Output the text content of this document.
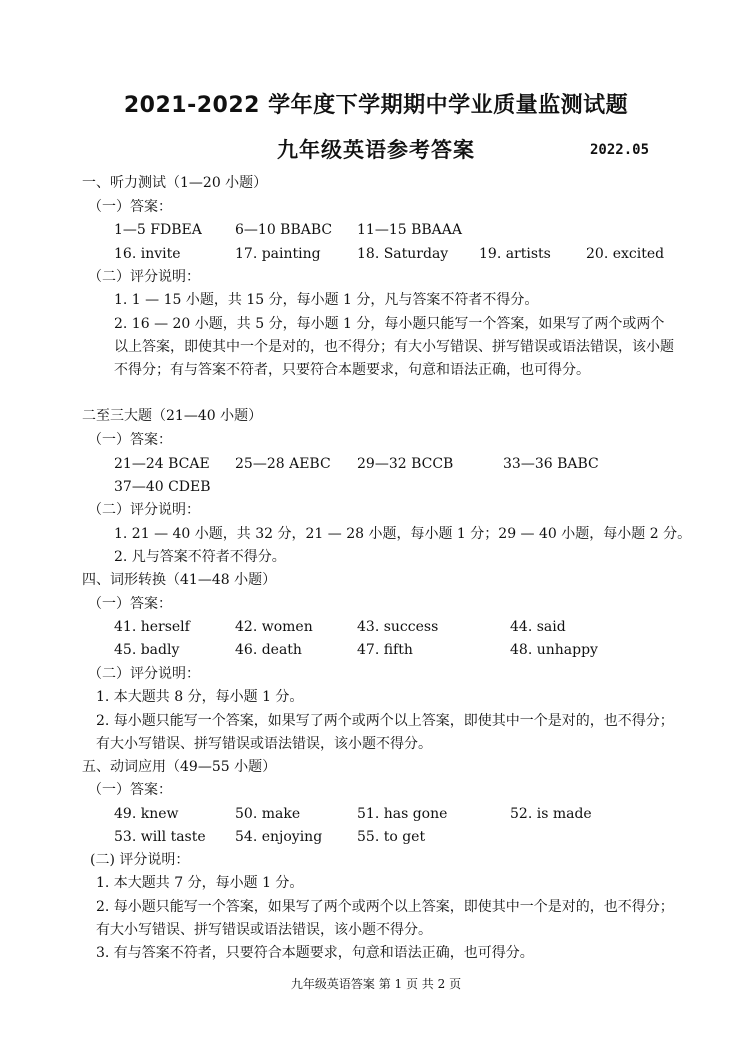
2021-2022 学年度下学期期中学业质量监测试题
九年级英语参考答案	2022.05
一、听力测试（1—20 小题）
（一）答案：
1—5 FDBEA 6—10 BBABC 11—15 BBAAA
16. invite	17. painting	18. Saturday 19. artists	20. excited
（二）评分说明：
1. 1 — 15 小题，共 15 分，每小题 1 分，凡与答案不符者不得分。
2. 16 — 20 小题，共 5 分，每小题 1 分，每小题只能写一个答案，如果写了两个或两个以上答案，即使其中一个是对的，也不得分；有大小写错误、拼写错误或语法错误，该小题不得分；有与答案不符者，只要符合本题要求，句意和语法正确，也可得分。
二至三大题（21—40 小题）
（一）答案：
21—24 BCAE 25—28 AEBC 29—32 BCCB	33—36 BABC
37—40 CDEB
（二）评分说明：
1. 21 — 40 小题，共 32 分，21 — 28 小题，每小题 1 分；29 — 40 小题，每小题 2 分。
2. 凡与答案不符者不得分。
四、词形转换（41—48 小题）
（一）答案：
41. herself	42. women	43. success	44. said
45. badly	46. death	47. fifth	48. unhappy
（二）评分说明：
1. 本大题共 8 分，每小题 1 分。
2. 每小题只能写一个答案，如果写了两个或两个以上答案，即使其中一个是对的，也不得分；有大小写错误、拼写错误或语法错误，该小题不得分。
五、动词应用（49—55 小题）
（一）答案：
49. knew	50. make	51. has gone	52. is made
53. will taste 54. enjoying 55. to get
(二) 评分说明：
1. 本大题共 7 分，每小题 1 分。
2. 每小题只能写一个答案，如果写了两个或两个以上答案，即使其中一个是对的，也不得分；有大小写错误、拼写错误或语法错误，该小题不得分。
3. 有与答案不符者，只要符合本题要求，句意和语法正确，也可得分。
九年级英语答案 第 1 页 共 2 页
